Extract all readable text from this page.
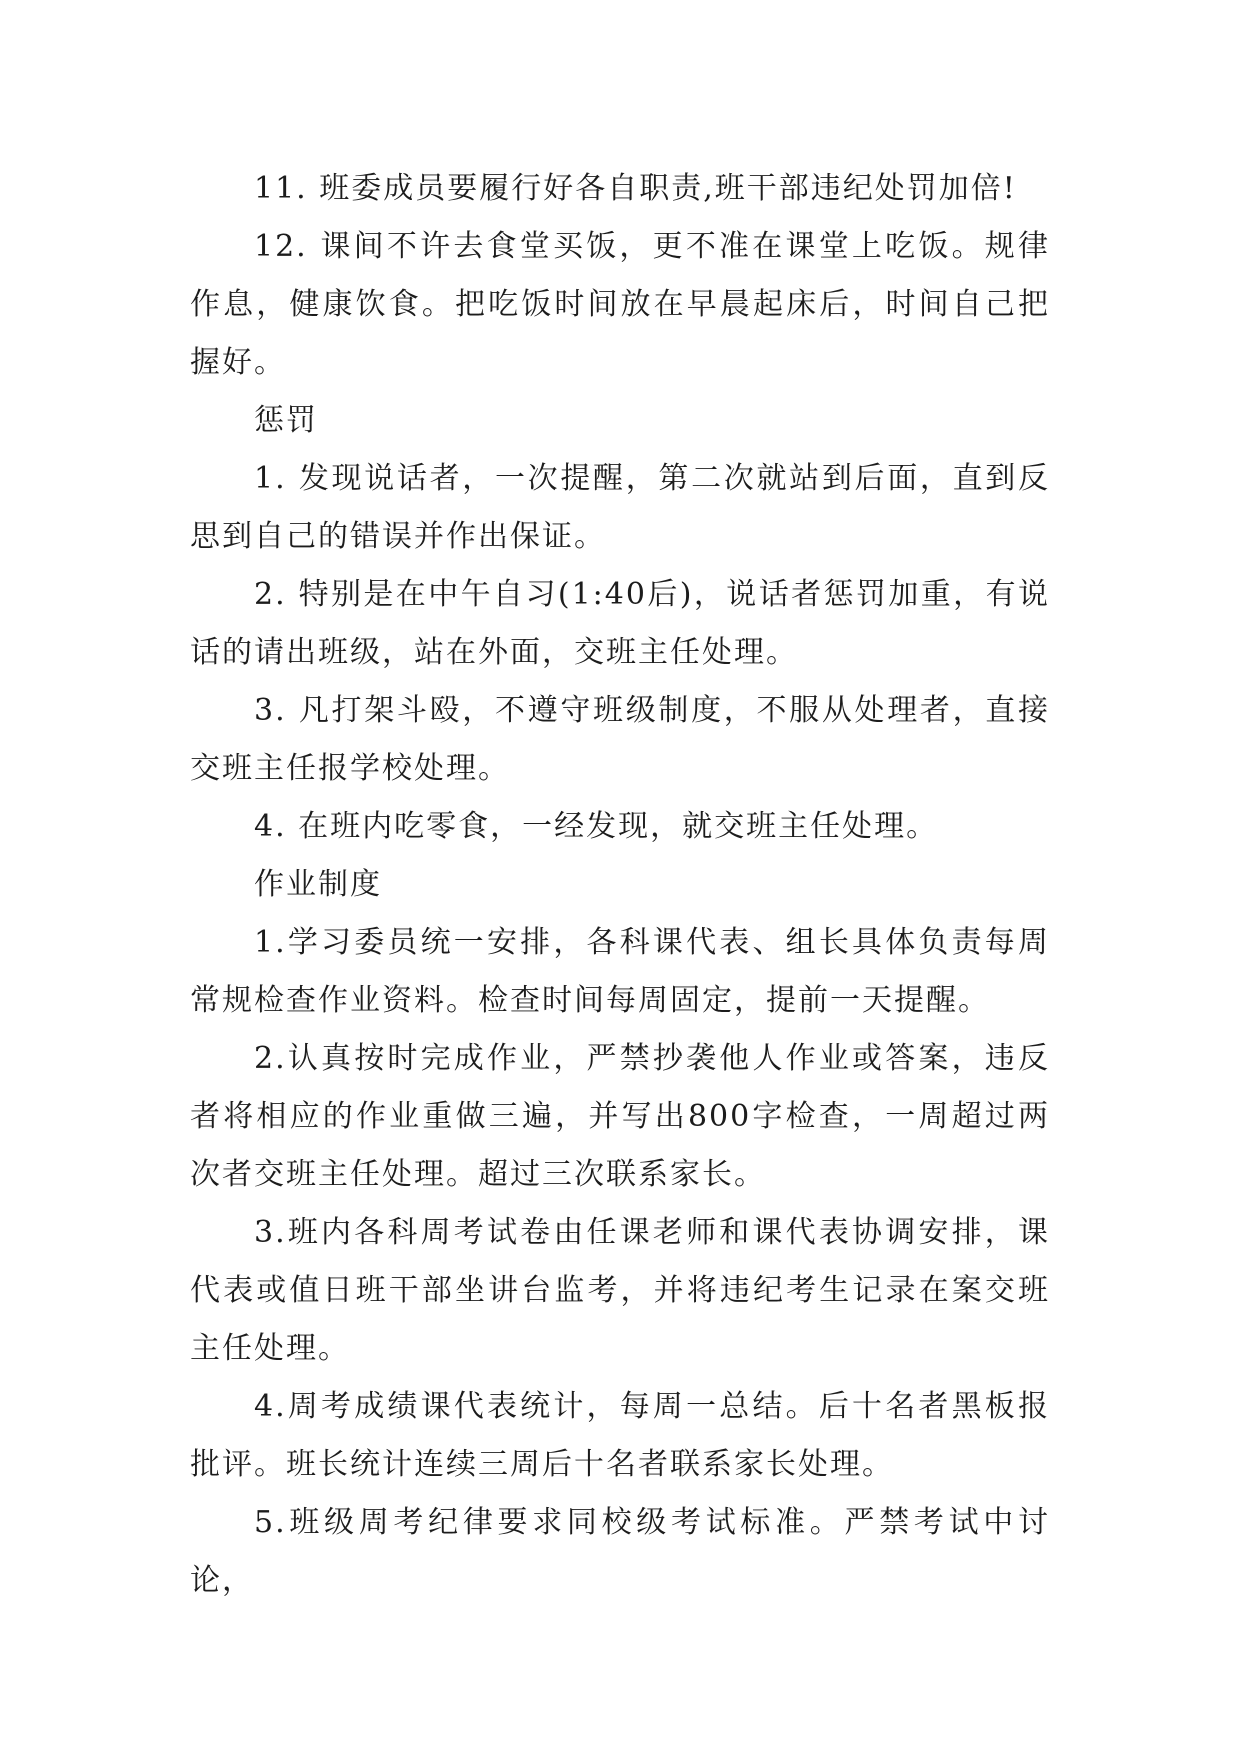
11. 班委成员要履行好各自职责,班干部违纪处罚加倍!

12. 课间不许去食堂买饭，更不准在课堂上吃饭。规律作息，健康饮食。把吃饭时间放在早晨起床后，时间自己把握好。

惩罚

1. 发现说话者，一次提醒，第二次就站到后面，直到反思到自己的错误并作出保证。

2. 特别是在中午自习(1:40后)，说话者惩罚加重，有说话的请出班级，站在外面，交班主任处理。

3. 凡打架斗殴，不遵守班级制度，不服从处理者，直接交班主任报学校处理。

4. 在班内吃零食，一经发现，就交班主任处理。

作业制度

1.学习委员统一安排，各科课代表、组长具体负责每周常规检查作业资料。检查时间每周固定，提前一天提醒。

2.认真按时完成作业，严禁抄袭他人作业或答案，违反者将相应的作业重做三遍，并写出800字检查，一周超过两次者交班主任处理。超过三次联系家长。

3.班内各科周考试卷由任课老师和课代表协调安排，课代表或值日班干部坐讲台监考，并将违纪考生记录在案交班主任处理。

4.周考成绩课代表统计，每周一总结。后十名者黑板报批评。班长统计连续三周后十名者联系家长处理。

5.班级周考纪律要求同校级考试标准。严禁考试中讨论，
